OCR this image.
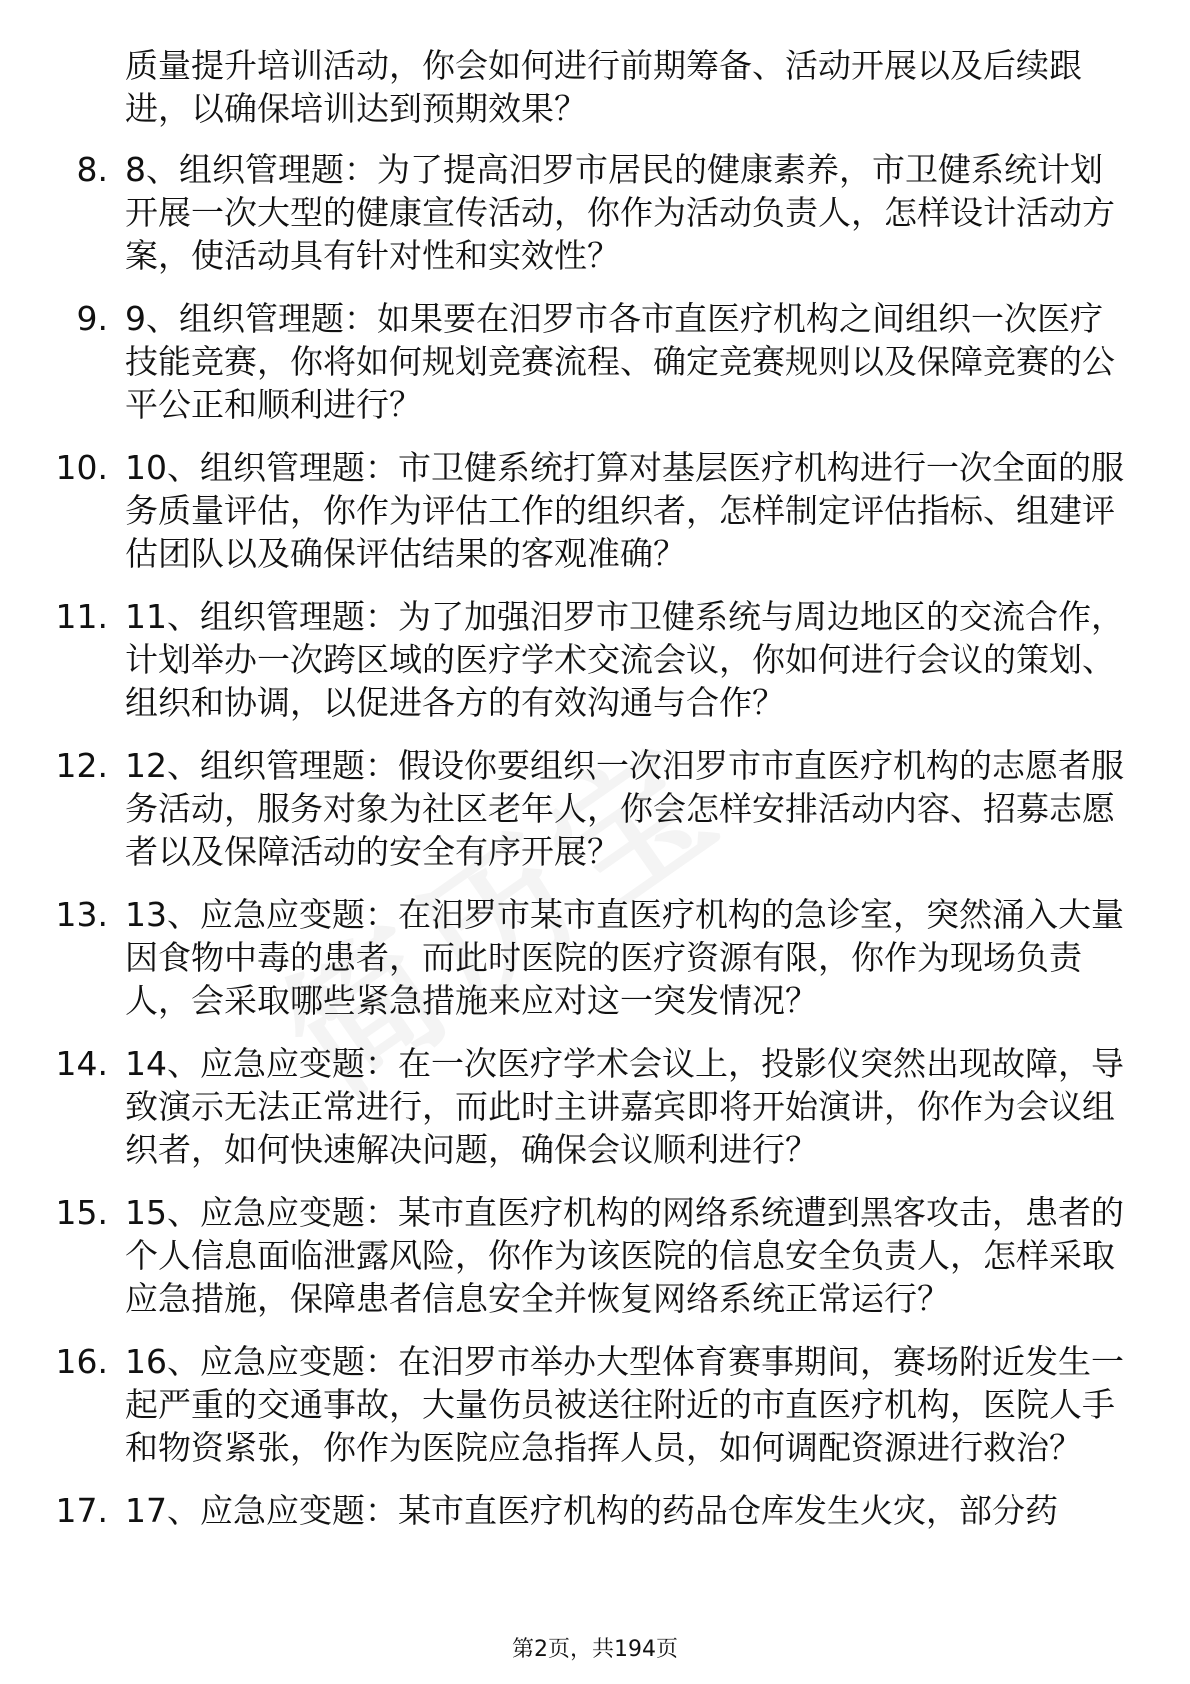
质量提升培训活动，你会如何进行前期筹备、活动开展以及后续跟进，以确保培训达到预期效果？

8. 8、组织管理题：为了提高汨罗市居民的健康素养，市卫健系统计划开展一次大型的健康宣传活动，你作为活动负责人，怎样设计活动方案，使活动具有针对性和实效性？
9. 9、组织管理题：如果要在汨罗市各市直医疗机构之间组织一次医疗技能竞赛，你将如何规划竞赛流程、确定竞赛规则以及保障竞赛的公平公正和顺利进行？
10. 10、组织管理题：市卫健系统打算对基层医疗机构进行一次全面的服务质量评估，你作为评估工作的组织者，怎样制定评估指标、组建评估团队以及确保评估结果的客观准确？
11. 11、组织管理题：为了加强汨罗市卫健系统与周边地区的交流合作，计划举办一次跨区域的医疗学术交流会议，你如何进行会议的策划、组织和协调，以促进各方的有效沟通与合作？
12. 12、组织管理题：假设你要组织一次汨罗市市直医疗机构的志愿者服务活动，服务对象为社区老年人，你会怎样安排活动内容、招募志愿者以及保障活动的安全有序开展？
13. 13、应急应变题：在汨罗市某市直医疗机构的急诊室，突然涌入大量因食物中毒的患者，而此时医院的医疗资源有限，你作为现场负责人，会采取哪些紧急措施来应对这一突发情况？
14. 14、应急应变题：在一次医疗学术会议上，投影仪突然出现故障，导致演示无法正常进行，而此时主讲嘉宾即将开始演讲，你作为会议组织者，如何快速解决问题，确保会议顺利进行？
15. 15、应急应变题：某市直医疗机构的网络系统遭到黑客攻击，患者的个人信息面临泄露风险，你作为该医院的信息安全负责人，怎样采取应急措施，保障患者信息安全并恢复网络系统正常运行？
16. 16、应急应变题：在汨罗市举办大型体育赛事期间，赛场附近发生一起严重的交通事故，大量伤员被送往附近的市直医疗机构，医院人手和物资紧张，你作为医院应急指挥人员，如何调配资源进行救治？
17. 17、应急应变题：某市直医疗机构的药品仓库发生火灾，部分药
第2页，共194页
